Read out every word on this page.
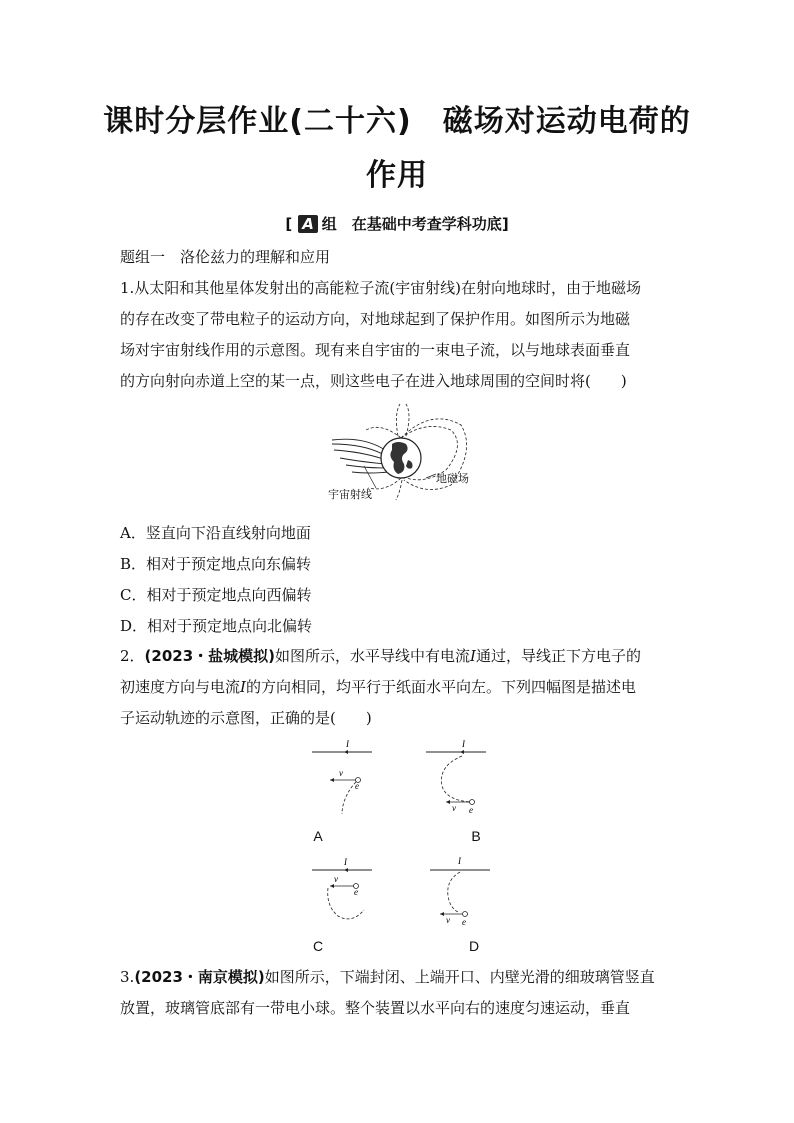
课时分层作业(二十六)　磁场对运动电荷的
作用
[ A 组　在基础中考查学科功底]
题组一　洛伦兹力的理解和应用
1.从太阳和其他星体发射出的高能粒子流(宇宙射线)在射向地球时，由于地磁场
的存在改变了带电粒子的运动方向，对地球起到了保护作用。如图所示为地磁
场对宇宙射线作用的示意图。现有来自宇宙的一束电子流，以与地球表面垂直
的方向射向赤道上空的某一点，则这些电子在进入地球周围的空间时将(　　)
宇宙射线
地磁场
A．竖直向下沿直线射向地面
B．相对于预定地点向东偏转
C．相对于预定地点向西偏转
D．相对于预定地点向北偏转
2．(2023・盐城模拟)如图所示，水平导线中有电流I通过，导线正下方电子的
初速度方向与电流I的方向相同，均平行于纸面水平向左。下列四幅图是描述电
子运动轨迹的示意图，正确的是(　　)
I
v
e
A
I
v e
B
I
v
e
C
I
v e
D
3.(2023・南京模拟)如图所示，下端封闭、上端开口、内壁光滑的细玻璃管竖直
放置，玻璃管底部有一带电小球。整个装置以水平向右的速度匀速运动，垂直
